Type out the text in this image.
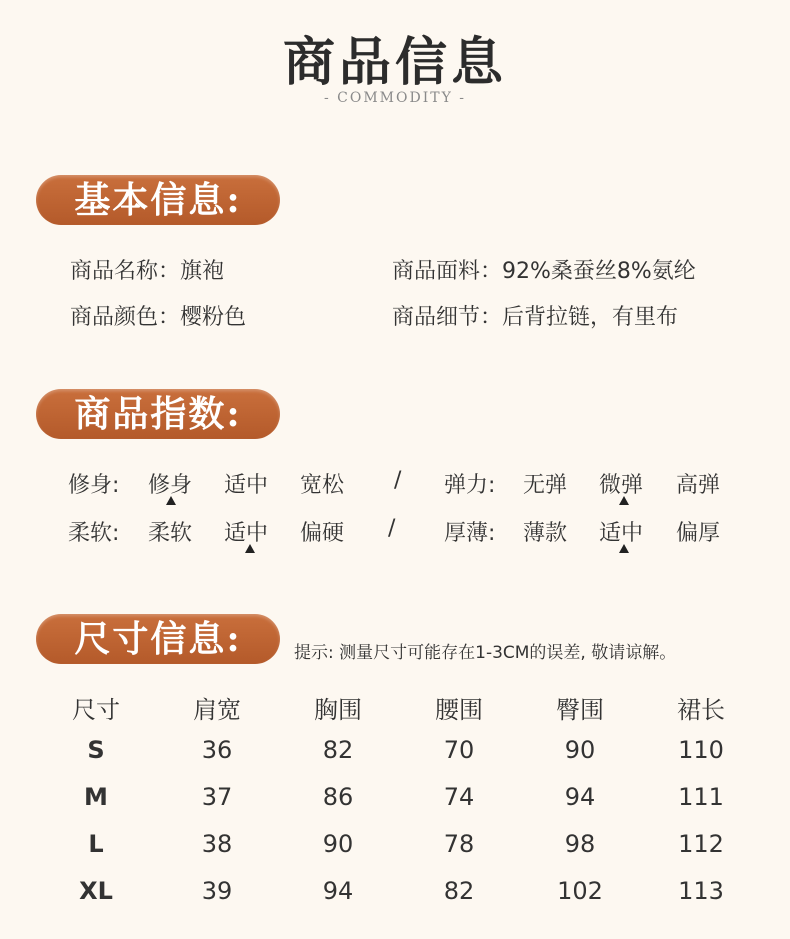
商品信息
- COMMODITY -
基本信息:
商品名称：旗袍	商品面料：92%桑蚕丝8%氨纶
商品颜色：樱粉色	商品细节：后背拉链，有里布
商品指数:
修身: 修身 适中 宽松 / 弹力: 无弹 微弹 高弹
柔软: 柔软 适中 偏硬 / 厚薄: 薄款 适中 偏厚
尺寸信息:	提示: 测量尺寸可能存在1-3CM的误差, 敬请谅解。
尺寸	肩宽	胸围	腰围	臀围	裙长
S	36	82	70	90	110
M	37	86	74	94	111
L	38	90	78	98	112
XL	39	94	82	102	113
